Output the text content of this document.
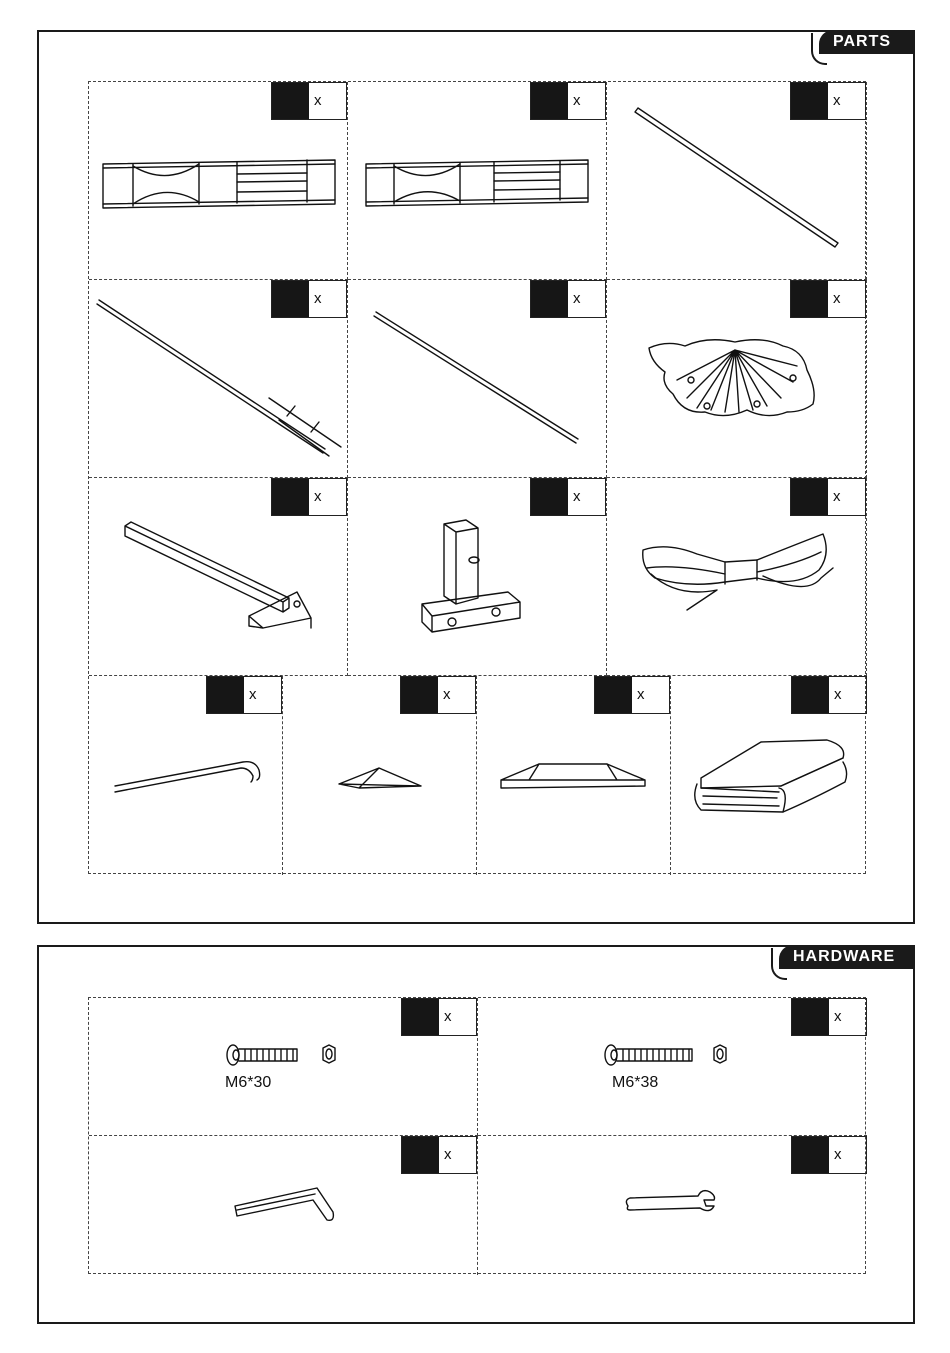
PARTS
x	x	x
x	x	x
x	x	x
x	x	x	x
HARDWARE
x
M6*30
x
M6*38
x	x
